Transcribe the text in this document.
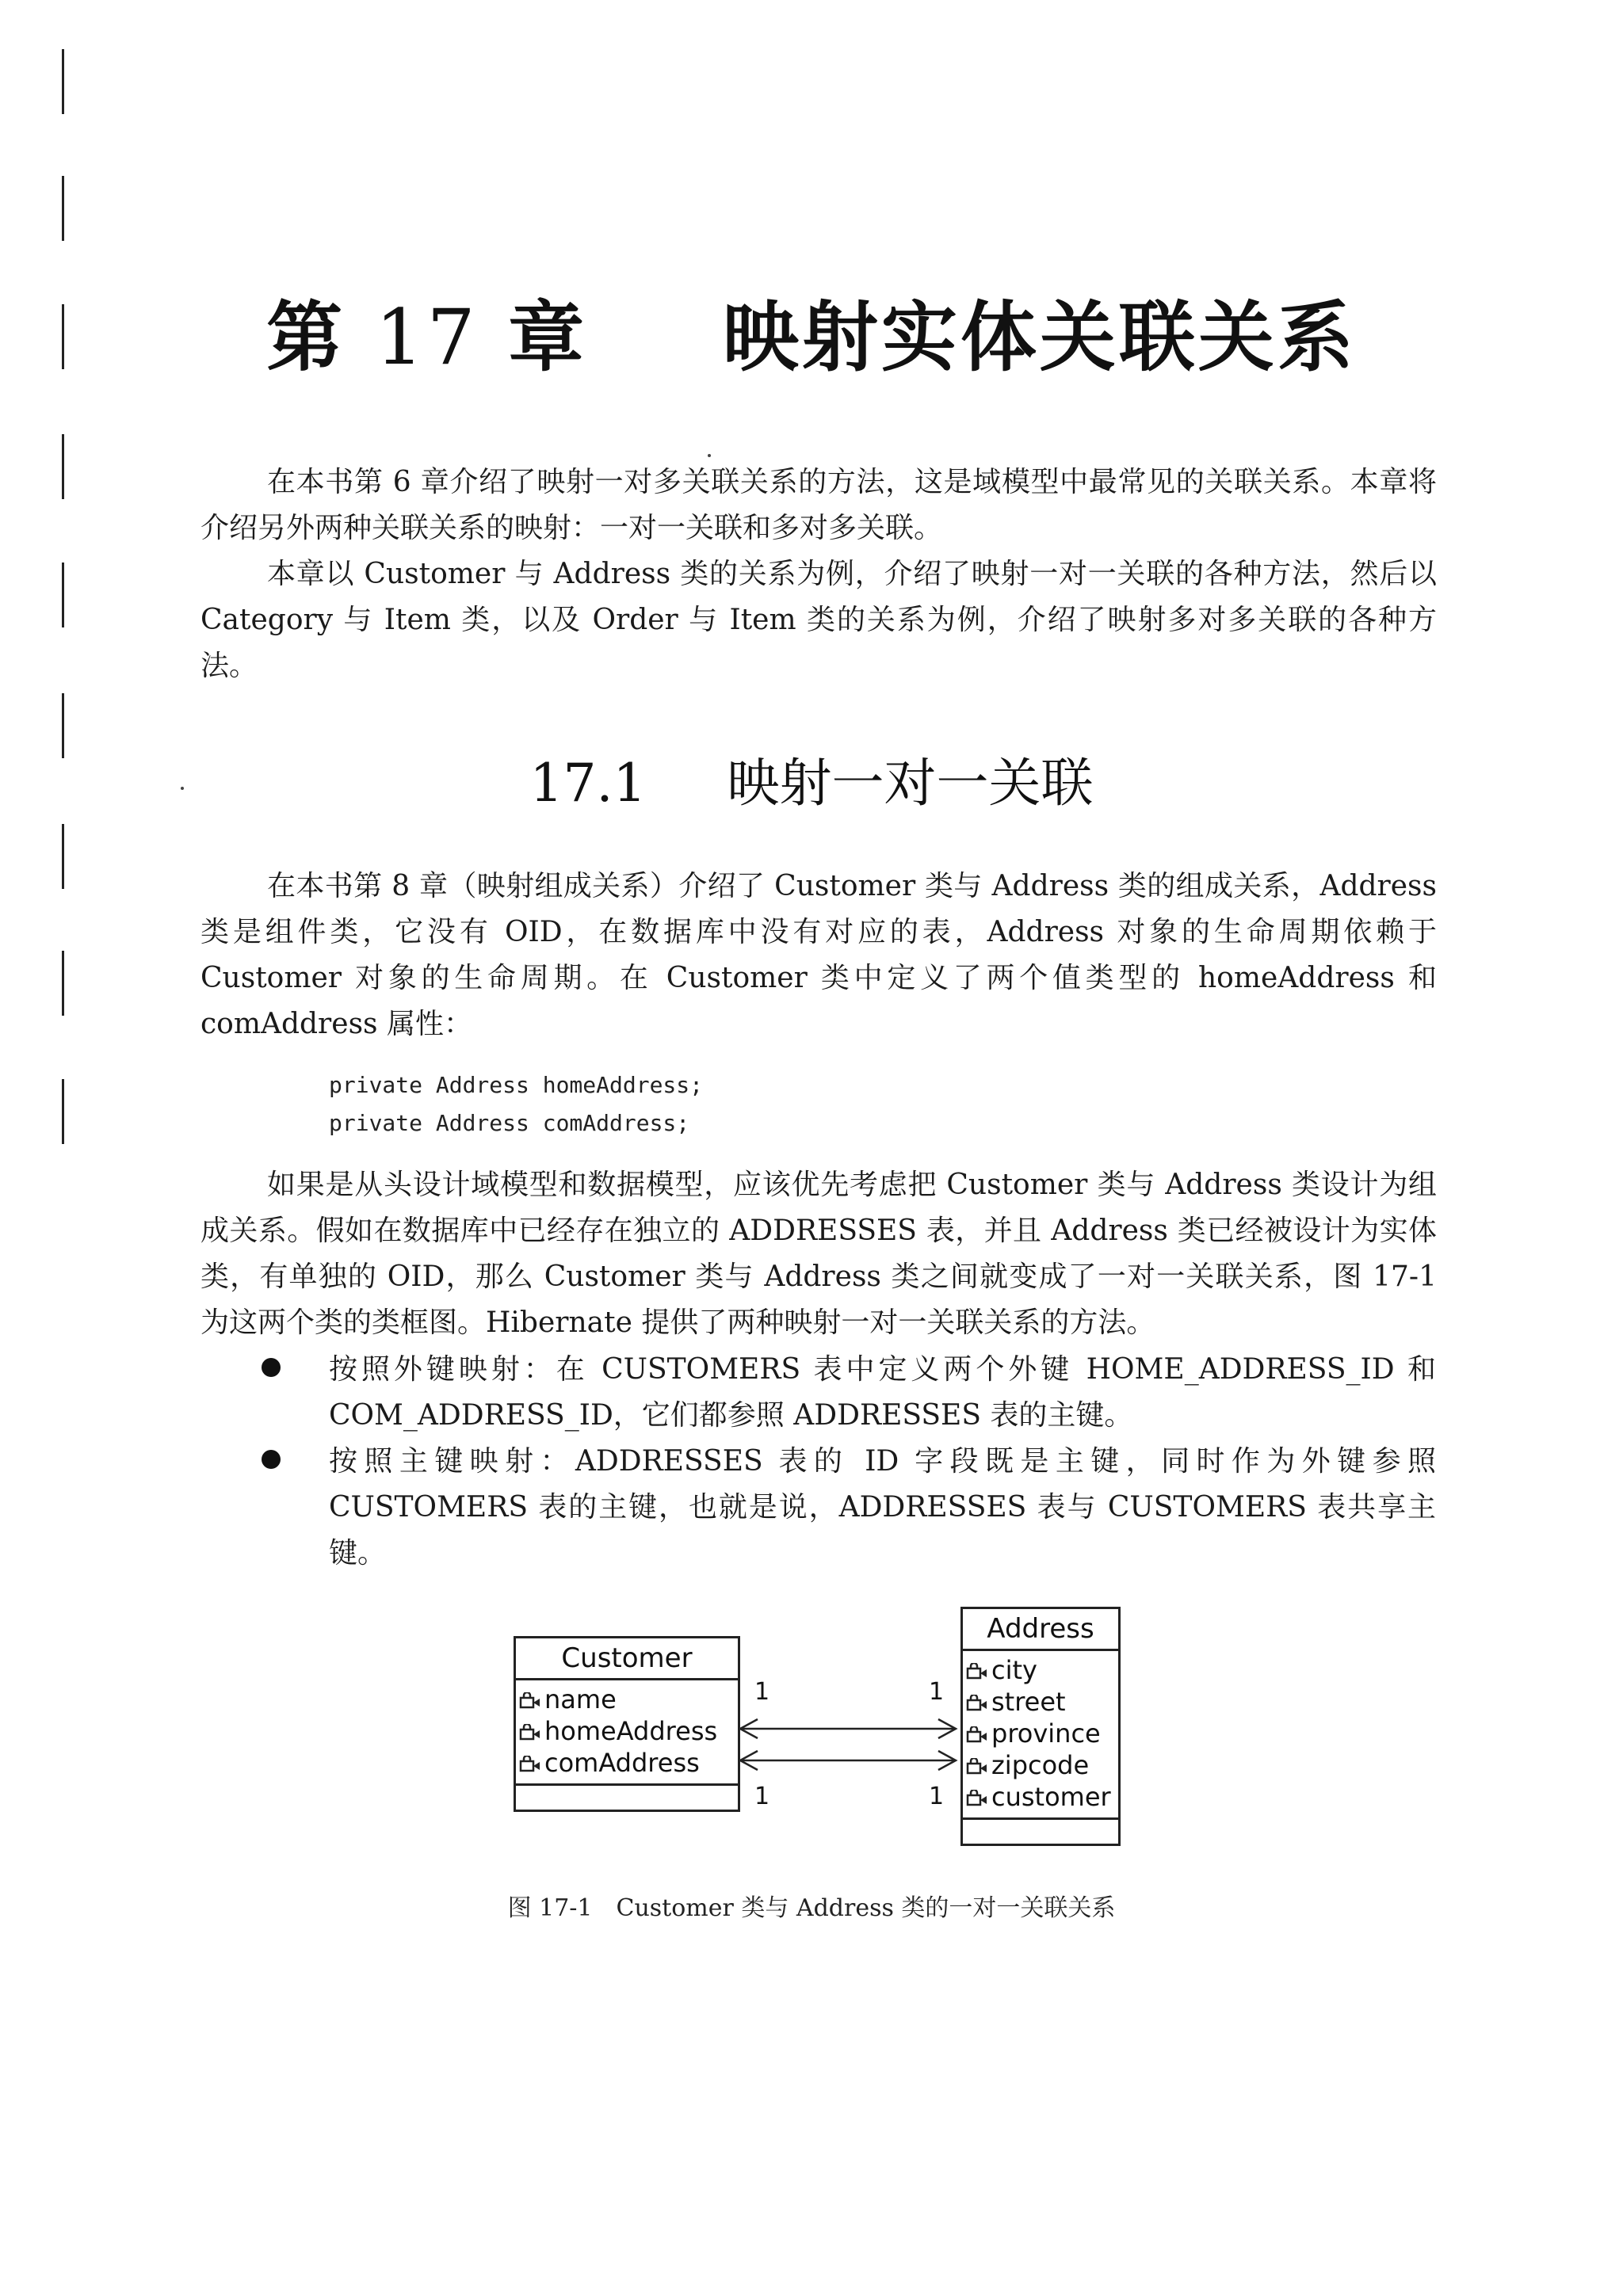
第 17 章 映射实体关联关系

在本书第 6 章介绍了映射一对多关联关系的方法，这是域模型中最常见的关联关系。本章将介绍另外两种关联关系的映射：一对一关联和多对多关联。

本章以 Customer 与 Address 类的关系为例，介绍了映射一对一关联的各种方法，然后以 Category 与 Item 类，以及 Order 与 Item 类的关系为例，介绍了映射多对多关联的各种方法。

17.1 映射一对一关联

在本书第 8 章（映射组成关系）介绍了 Customer 类与 Address 类的组成关系，Address 类是组件类，它没有 OID，在数据库中没有对应的表，Address 对象的生命周期依赖于 Customer 对象的生命周期。在 Customer 类中定义了两个值类型的 homeAddress 和 comAddress 属性：

private Address homeAddress;
private Address comAddress;

如果是从头设计域模型和数据模型，应该优先考虑把 Customer 类与 Address 类设计为组成关系。假如在数据库中已经存在独立的 ADDRESSES 表，并且 Address 类已经被设计为实体类，有单独的 OID，那么 Customer 类与 Address 类之间就变成了一对一关联关系，图 17-1 为这两个类的类框图。Hibernate 提供了两种映射一对一关联关系的方法。

按照外键映射：在 CUSTOMERS 表中定义两个外键 HOME_ADDRESS_ID 和 COM_ADDRESS_ID，它们都参照 ADDRESSES 表的主键。
按照主键映射：ADDRESSES 表的 ID 字段既是主键，同时作为外键参照 CUSTOMERS 表的主键，也就是说，ADDRESSES 表与 CUSTOMERS 表共享主键。
Customer
name
homeAddress
comAddress
Address
city
street
province
zipcode
customer
1	1
1	1
图 17-1 Customer 类与 Address 类的一对一关联关系
